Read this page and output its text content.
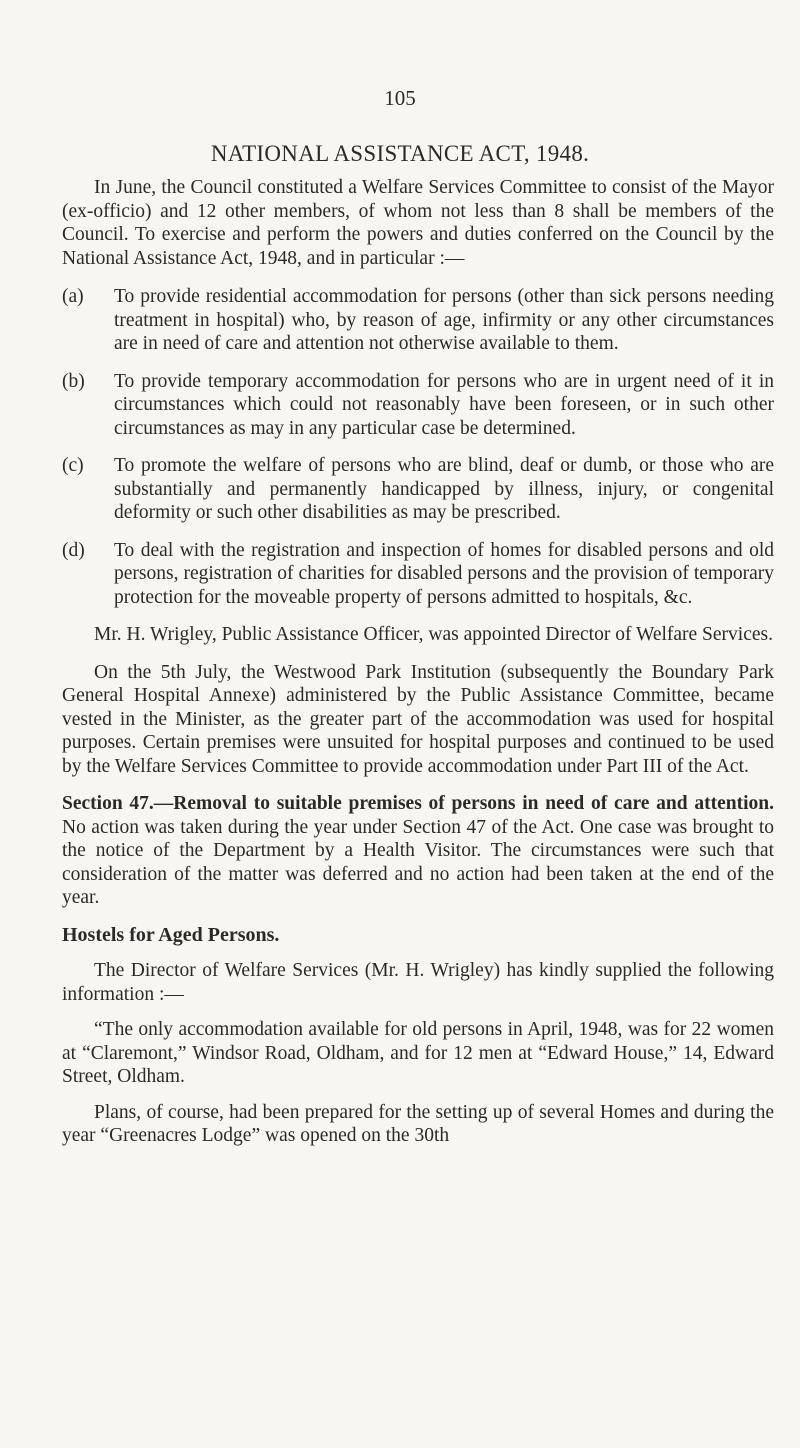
105
NATIONAL ASSISTANCE ACT, 1948.

In June, the Council constituted a Welfare Services Committee to consist of the Mayor (ex-officio) and 12 other members, of whom not less than 8 shall be members of the Council. To exercise and perform the powers and duties conferred on the Council by the National Assistance Act, 1948, and in particular :—

(a) To provide residential accommodation for persons (other than sick persons needing treatment in hospital) who, by reason of age, infirmity or any other circumstances are in need of care and attention not otherwise available to them.
(b) To provide temporary accommodation for persons who are in urgent need of it in circumstances which could not reasonably have been foreseen, or in such other circumstances as may in any particular case be determined.
(c) To promote the welfare of persons who are blind, deaf or dumb, or those who are substantially and permanently handicapped by illness, injury, or congenital deformity or such other disabilities as may be prescribed.
(d) To deal with the registration and inspection of homes for disabled persons and old persons, registration of charities for disabled persons and the provision of temporary protection for the moveable property of persons admitted to hospitals, &c.

Mr. H. Wrigley, Public Assistance Officer, was appointed Director of Welfare Services.

On the 5th July, the Westwood Park Institution (subsequently the Boundary Park General Hospital Annexe) administered by the Public Assistance Committee, became vested in the Minister, as the greater part of the accommodation was used for hospital purposes. Certain premises were unsuited for hospital purposes and continued to be used by the Welfare Services Committee to provide accommodation under Part III of the Act.

Section 47.—Removal to suitable premises of persons in need of care and attention. No action was taken during the year under Section 47 of the Act. One case was brought to the notice of the Department by a Health Visitor. The circumstances were such that consideration of the matter was deferred and no action had been taken at the end of the year.

Hostels for Aged Persons.

The Director of Welfare Services (Mr. H. Wrigley) has kindly supplied the following information :—

“The only accommodation available for old persons in April, 1948, was for 22 women at “Claremont,” Windsor Road, Oldham, and for 12 men at “Edward House,” 14, Edward Street, Oldham.

Plans, of course, had been prepared for the setting up of several Homes and during the year “Greenacres Lodge” was opened on the 30th
